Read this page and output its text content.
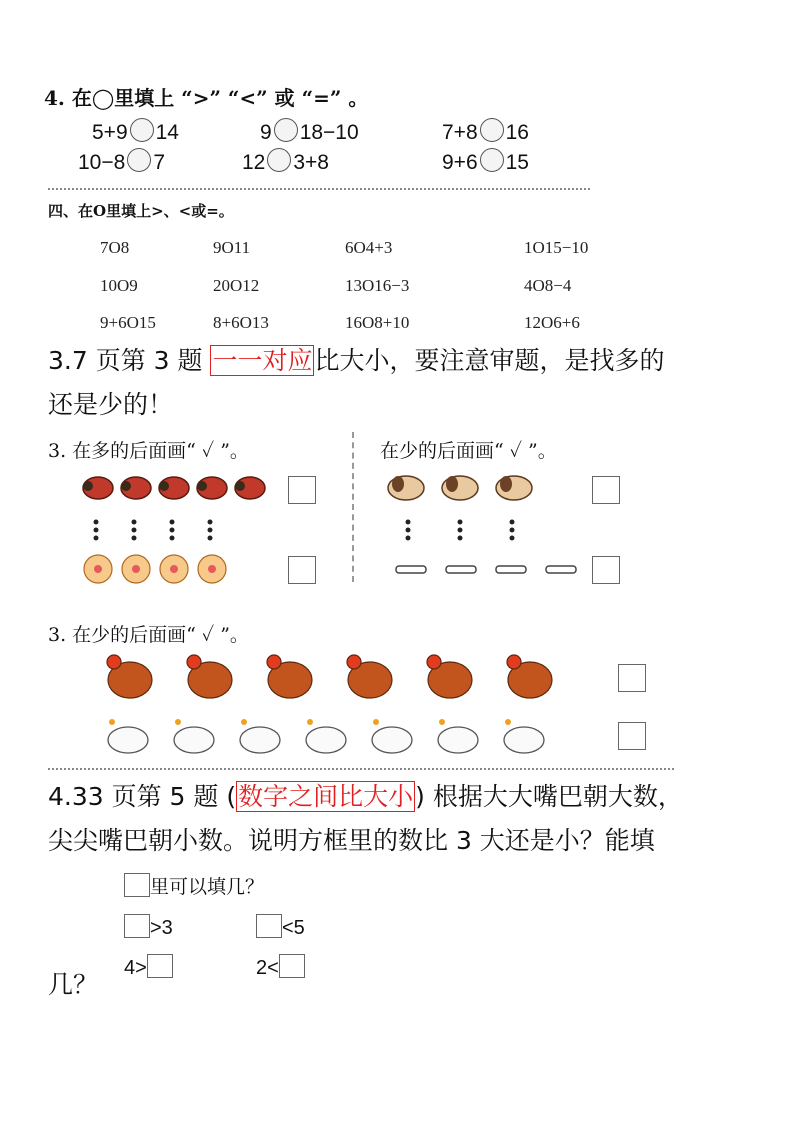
4. 在◯里填上 “>” “<” 或 “=” 。
5+9 14	9 18−10	7+8 16
10−8 7	12 3+8	9+6 15
四、在O里填上>、<或=。
7O8	9O11	6O4+3	1O15−10
10O9	20O12	13O16−3	4O8−4
9+6O15	8+6O13	16O8+10	12O6+6
3.7 页第 3 题 一一对应比大小，要注意审题，是找多的
还是少的！
3. 在多的后面画“ ✓ ”。	在少的后面画“ ✓ ”。
3. 在少的后面画“ ✓ ”。
4.33 页第 5 题 (数字之间比大小) 根据大大嘴巴朝大数，
尖尖嘴巴朝小数。说明方框里的数比 3 大还是小？能填
里可以填几？
>3	<5
4>	2<
几？
